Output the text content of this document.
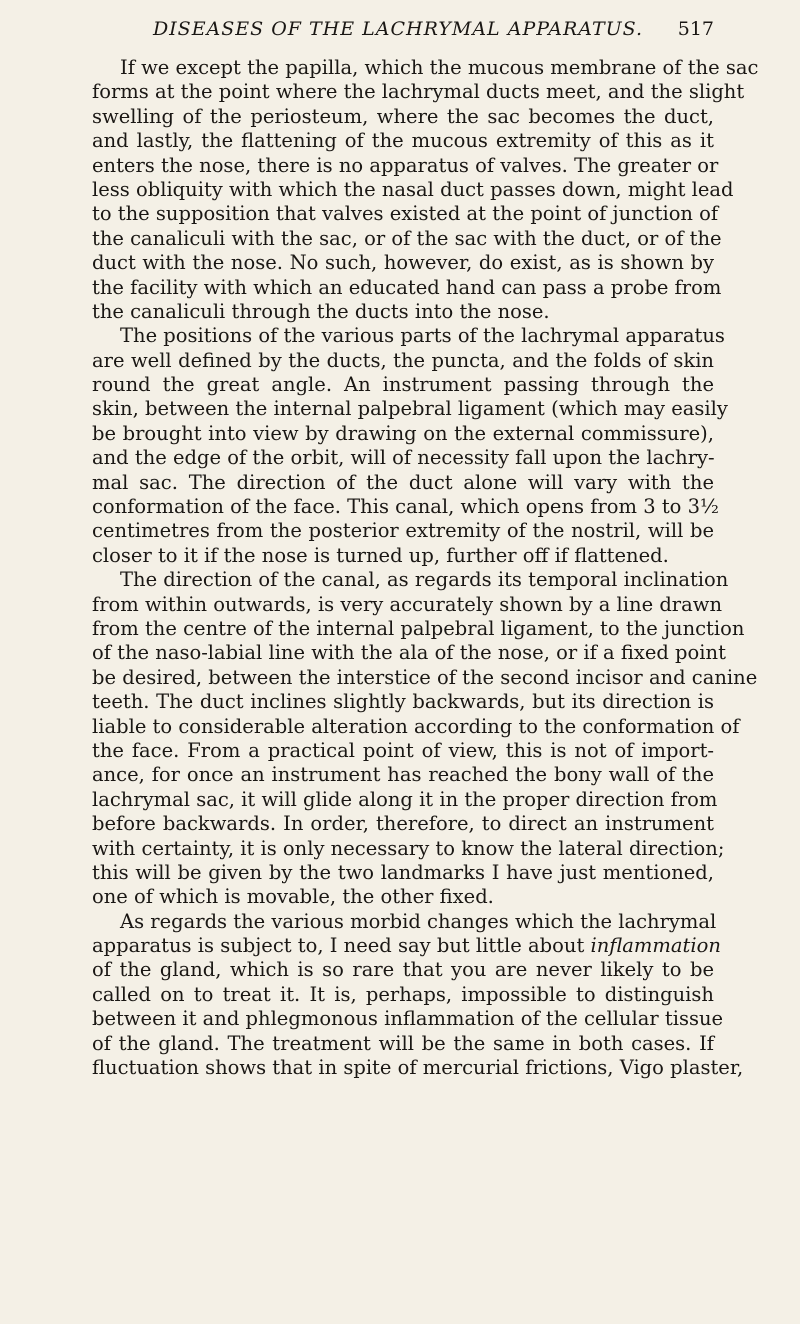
DISEASES OF THE LACHRYMAL APPARATUS.	517
If we except the papilla, which the mucous membrane of the sac
forms at the point where the lachrymal ducts meet, and the slight
swelling of the periosteum, where the sac becomes the duct,
and lastly, the flattening of the mucous extremity of this as it
enters the nose, there is no apparatus of valves. The greater or
less obliquity with which the nasal duct passes down, might lead
to the supposition that valves existed at the point of junction of
the canaliculi with the sac, or of the sac with the duct, or of the
duct with the nose. No such, however, do exist, as is shown by
the facility with which an educated hand can pass a probe from
the canaliculi through the ducts into the nose.
The positions of the various parts of the lachrymal apparatus
are well defined by the ducts, the puncta, and the folds of skin
round the great angle. An instrument passing through the
skin, between the internal palpebral ligament (which may easily
be brought into view by drawing on the external commissure),
and the edge of the orbit, will of necessity fall upon the lachry-
mal sac. The direction of the duct alone will vary with the
conformation of the face. This canal, which opens from 3 to 3½
centimetres from the posterior extremity of the nostril, will be
closer to it if the nose is turned up, further off if flattened.
The direction of the canal, as regards its temporal inclination
from within outwards, is very accurately shown by a line drawn
from the centre of the internal palpebral ligament, to the junction
of the naso-labial line with the ala of the nose, or if a fixed point
be desired, between the interstice of the second incisor and canine
teeth. The duct inclines slightly backwards, but its direction is
liable to considerable alteration according to the conformation of
the face. From a practical point of view, this is not of import-
ance, for once an instrument has reached the bony wall of the
lachrymal sac, it will glide along it in the proper direction from
before backwards. In order, therefore, to direct an instrument
with certainty, it is only necessary to know the lateral direction;
this will be given by the two landmarks I have just mentioned,
one of which is movable, the other fixed.
As regards the various morbid changes which the lachrymal
apparatus is subject to, I need say but little about inflammation
of the gland, which is so rare that you are never likely to be
called on to treat it. It is, perhaps, impossible to distinguish
between it and phlegmonous inflammation of the cellular tissue
of the gland. The treatment will be the same in both cases. If
fluctuation shows that in spite of mercurial frictions, Vigo plaster,
